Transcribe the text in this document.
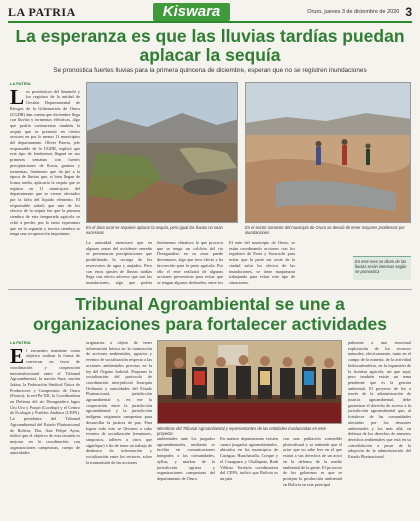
LA PATRIA	Kiswara	Oruro, jueves 3 de diciembre de 2020 3
La esperanza es que las lluvias tardías puedan aplacar la sequía
Se pronostica fuertes lluvias para la primera quincena de diciembre, esperan que no se registren inundaciones
LA PATRIA
L os pronósticos del Senamhi y los registros de la unidad de Gestión Departamental de Riesgos de la Gobernación de Oruro (UGDR) dan cuenta que diciembre llega con lluvias y tormentas eléctricas, algo que podría contrarrestar también la sequía que se presentó en ciertos sectores en por lo menos 11 municipios del departamento. Oliver Puerta, jefe responsable de la UGDR, explicó que este tipo de fenómenos llegará en sus primeras semanas con fuertes precipitaciones de lluvia, granizo y tormentas, fenómeno que da pie a la época de lluvias que, si bien llegan de forma tardía, aplacaría la sequía que se registra en 11 municipios del departamento que se vieron afectados por la falta del líquido elemento. El responsable señaló que uno de los efectos de la sequía fue que la primera siembra de este temporada agrícola se echó a perder, por lo tanto esperamos que en la segunda y tercera siembra se tenga una recuperación importante.

En el área rural se requiere aplacar la sequía, pero igual las lluvias no sean excesivas
En el sector noroeste del municipio de Oruro se desvió de tener mayores problemas por inundaciones

La autoridad mencionó que en algunas zonas del occidente orureño se presentaron precipitaciones que posibilitarán la recarga de los reservorios de agua y atajados. Pero con estos ajustes de lluvias tardías llega con efecto adverso que son las inundaciones, algo que podría

fenómenos climático lo que provoca que se tenga un colchón del río Desaguadero en su zona puede derramarse, algo que tuvo efecto y ha favorecido para la parte agrícola. Por ello el ente realizará de algunas acciones preventivas para evitar que se tengan algunos desbordes, entre los

El ente del municipio de Oruro, se están coordinando acciones con los regidores de Paria y Soracachi para evitar que la parte sur oeste de la ciudad sufra los efectos de las inundaciones, se tiene maquinaria trabajando para evitar este tipo de situaciones.

En este mes se dicen de las lluvias serán intensas según se pronostica
Tribunal Agroambiental se une a organizaciones para fortalecer actividades
LA PATRIA
E l encuentro mantiene como objetivo realizar la forma de conversar en favor de coordinación y cooperación interinstitucional entre el Tribunal Agroambiental, la nación Sura, nación Jakisa, la Federación Sindical Única de Productores y Campesinos de Oruro (Fsutco), la red Pa-XII, la Coordinadora en Defensa del río Desaguadero lagos Uru Uru y Poopó (Coridup) y el Centro de Ecología y Pueblos Andinos (CEPA). La presidenta del Tribunal Agroambiental del Estado Plurinacional de Bolivia, Dra. Ana Felipe Ayon, indicó que el objetivo de esta reunión es mejorar en la coordinación con organizaciones campesinas, cuerpo de autoridades

originarias a objeto de tener información básica en la tramitación de acciones ambientales, agrarios y eventos de socialización respecto a las acciones ambientales precisas en la ley del Órgano Judicial. Proponer la socialización del protocolo de coordinación interjudicial Jerarquía Ordinaria y autoridades del Estado Plurinacional, jurisdicción agroambiental y, en ese la cooperación entre la jurisdicción agroambiental y la jurisdicción indígena originaria campesina para desarrollar la justicia de paz. Para lograr todo esto se llevaron a cabo eventos de socialización (reuniones, simposios, talleres u otros que signifique) a fin de tener un trabajo de dinámica de información y socialización entre los sectores, sobre la transmisión de las acciones

Miembros del Tribunal Agroambiental y representantes de las entidades involucradas en este proyecto

ambientales ante los juzgados agroambientales, mediante se facilita en comunicaciones integrales a las comunidades, ayllus, y markas de la jurisdicción agraria y organizaciones campesinas del departamento de Oruro.

En nuestro departamento existen cuatro juzgados agroambientales, ubicados en los municipios de Curagua, Huachacalla, Corque y el Curaguara y Challapata, Ruth Vildoso Torrejón coordinadora del CEPA, indicó que Bolivia es un país

con una población sostenible pluricultural y se entiende que el actor que no sabe leer en el que estará a sus derechos de un actor en la defensa de la medio ambiental de la gente. El proyecto de los gobiernos es que se protejan la producción ambiental en Bolivia en este principal

palmente a una irracional explotación de los recursos naturales, efectivamente, tanto en el campo de la minería, de la actividad hidrocarburífera, en la expansión de la frontera agrícola, así que aquí, pero también existe un tema pendiente que es la gestión ambiental. El proyecto de ley a través de la administración de justicia agroambiental, debe garantizar el derecho de acceso a la jurisdicción agroambiental que, al fortalecer de las comunidades afectadas por los desastres ambientales y los más allá, en defensa de los derechos de nuestros derechos ambientales que está en su consolidación a pesar de la adopción de la administración del Estado Plurinacional.
